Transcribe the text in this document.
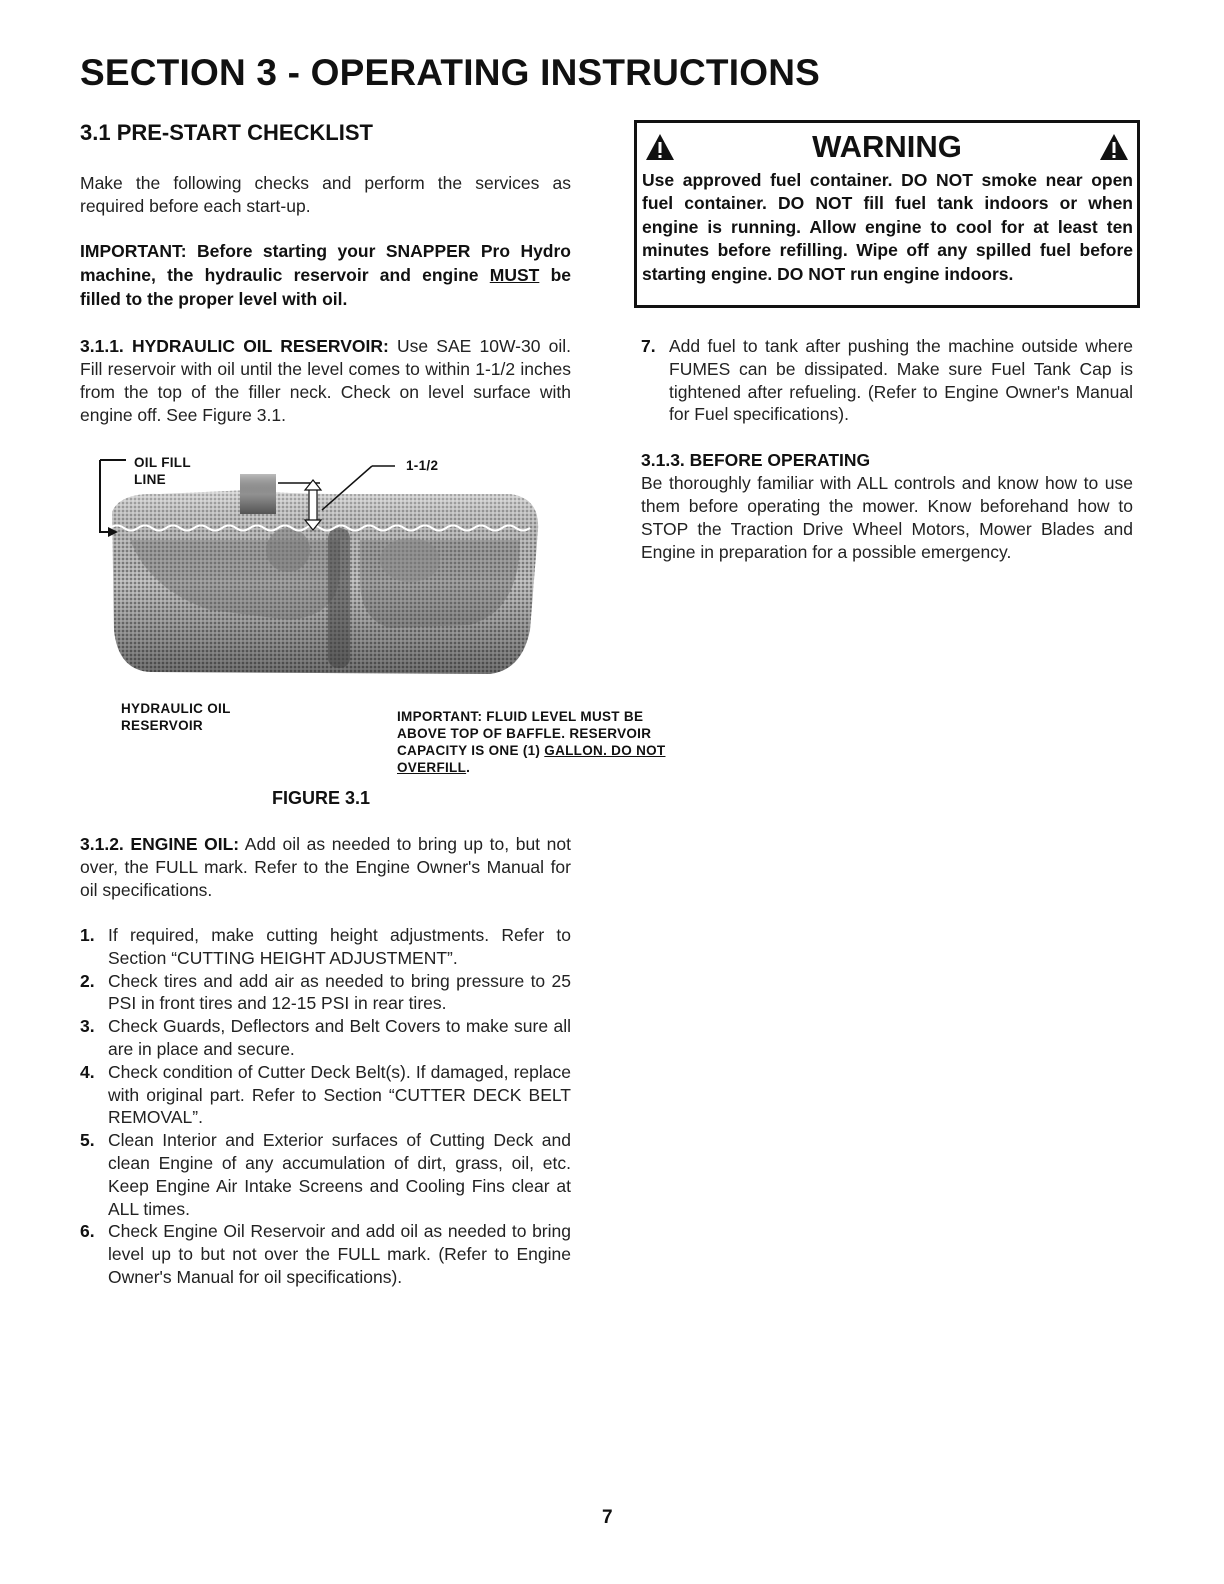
SECTION 3 - OPERATING INSTRUCTIONS
3.1 PRE-START CHECKLIST
Make the following checks and perform the services as required before each start-up.
IMPORTANT: Before starting your SNAPPER Pro Hydro machine, the hydraulic reservoir and engine MUST be filled to the proper level with oil.
3.1.1. HYDRAULIC OIL RESERVOIR: Use SAE 10W-30 oil. Fill reservoir with oil until the level comes to within 1-1/2 inches from the top of the filler neck. Check on level surface with engine off. See Figure 3.1.
OIL FILL LINE
1-1/2
HYDRAULIC OIL RESERVOIR
IMPORTANT: FLUID LEVEL MUST BE ABOVE TOP OF BAFFLE. RESERVOIR CAPACITY IS ONE (1) GALLON. DO NOT OVERFILL.
FIGURE 3.1
3.1.2. ENGINE OIL: Add oil as needed to bring up to, but not over, the FULL mark. Refer to the Engine Owner's Manual for oil specifications.
1. If required, make cutting height adjustments. Refer to Section “CUTTING HEIGHT ADJUSTMENT”.
2. Check tires and add air as needed to bring pressure to 25 PSI in front tires and 12-15 PSI in rear tires.
3. Check Guards, Deflectors and Belt Covers to make sure all are in place and secure.
4. Check condition of Cutter Deck Belt(s). If damaged, replace with original part. Refer to Section “CUTTER DECK BELT REMOVAL”.
5. Clean Interior and Exterior surfaces of Cutting Deck and clean Engine of any accumulation of dirt, grass, oil, etc. Keep Engine Air Intake Screens and Cooling Fins clear at ALL times.
6. Check Engine Oil Reservoir and add oil as needed to bring level up to but not over the FULL mark. (Refer to Engine Owner's Manual for oil specifications).
WARNING
Use approved fuel container. DO NOT smoke near open fuel container. DO NOT fill fuel tank indoors or when engine is running. Allow engine to cool for at least ten minutes before refilling. Wipe off any spilled fuel before starting engine. DO NOT run engine indoors.
7. Add fuel to tank after pushing the machine outside where FUMES can be dissipated. Make sure Fuel Tank Cap is tightened after refueling. (Refer to Engine Owner's Manual for Fuel specifications).
3.1.3. BEFORE OPERATING
Be thoroughly familiar with ALL controls and know how to use them before operating the mower. Know beforehand how to STOP the Traction Drive Wheel Motors, Mower Blades and Engine in preparation for a possible emergency.
7
